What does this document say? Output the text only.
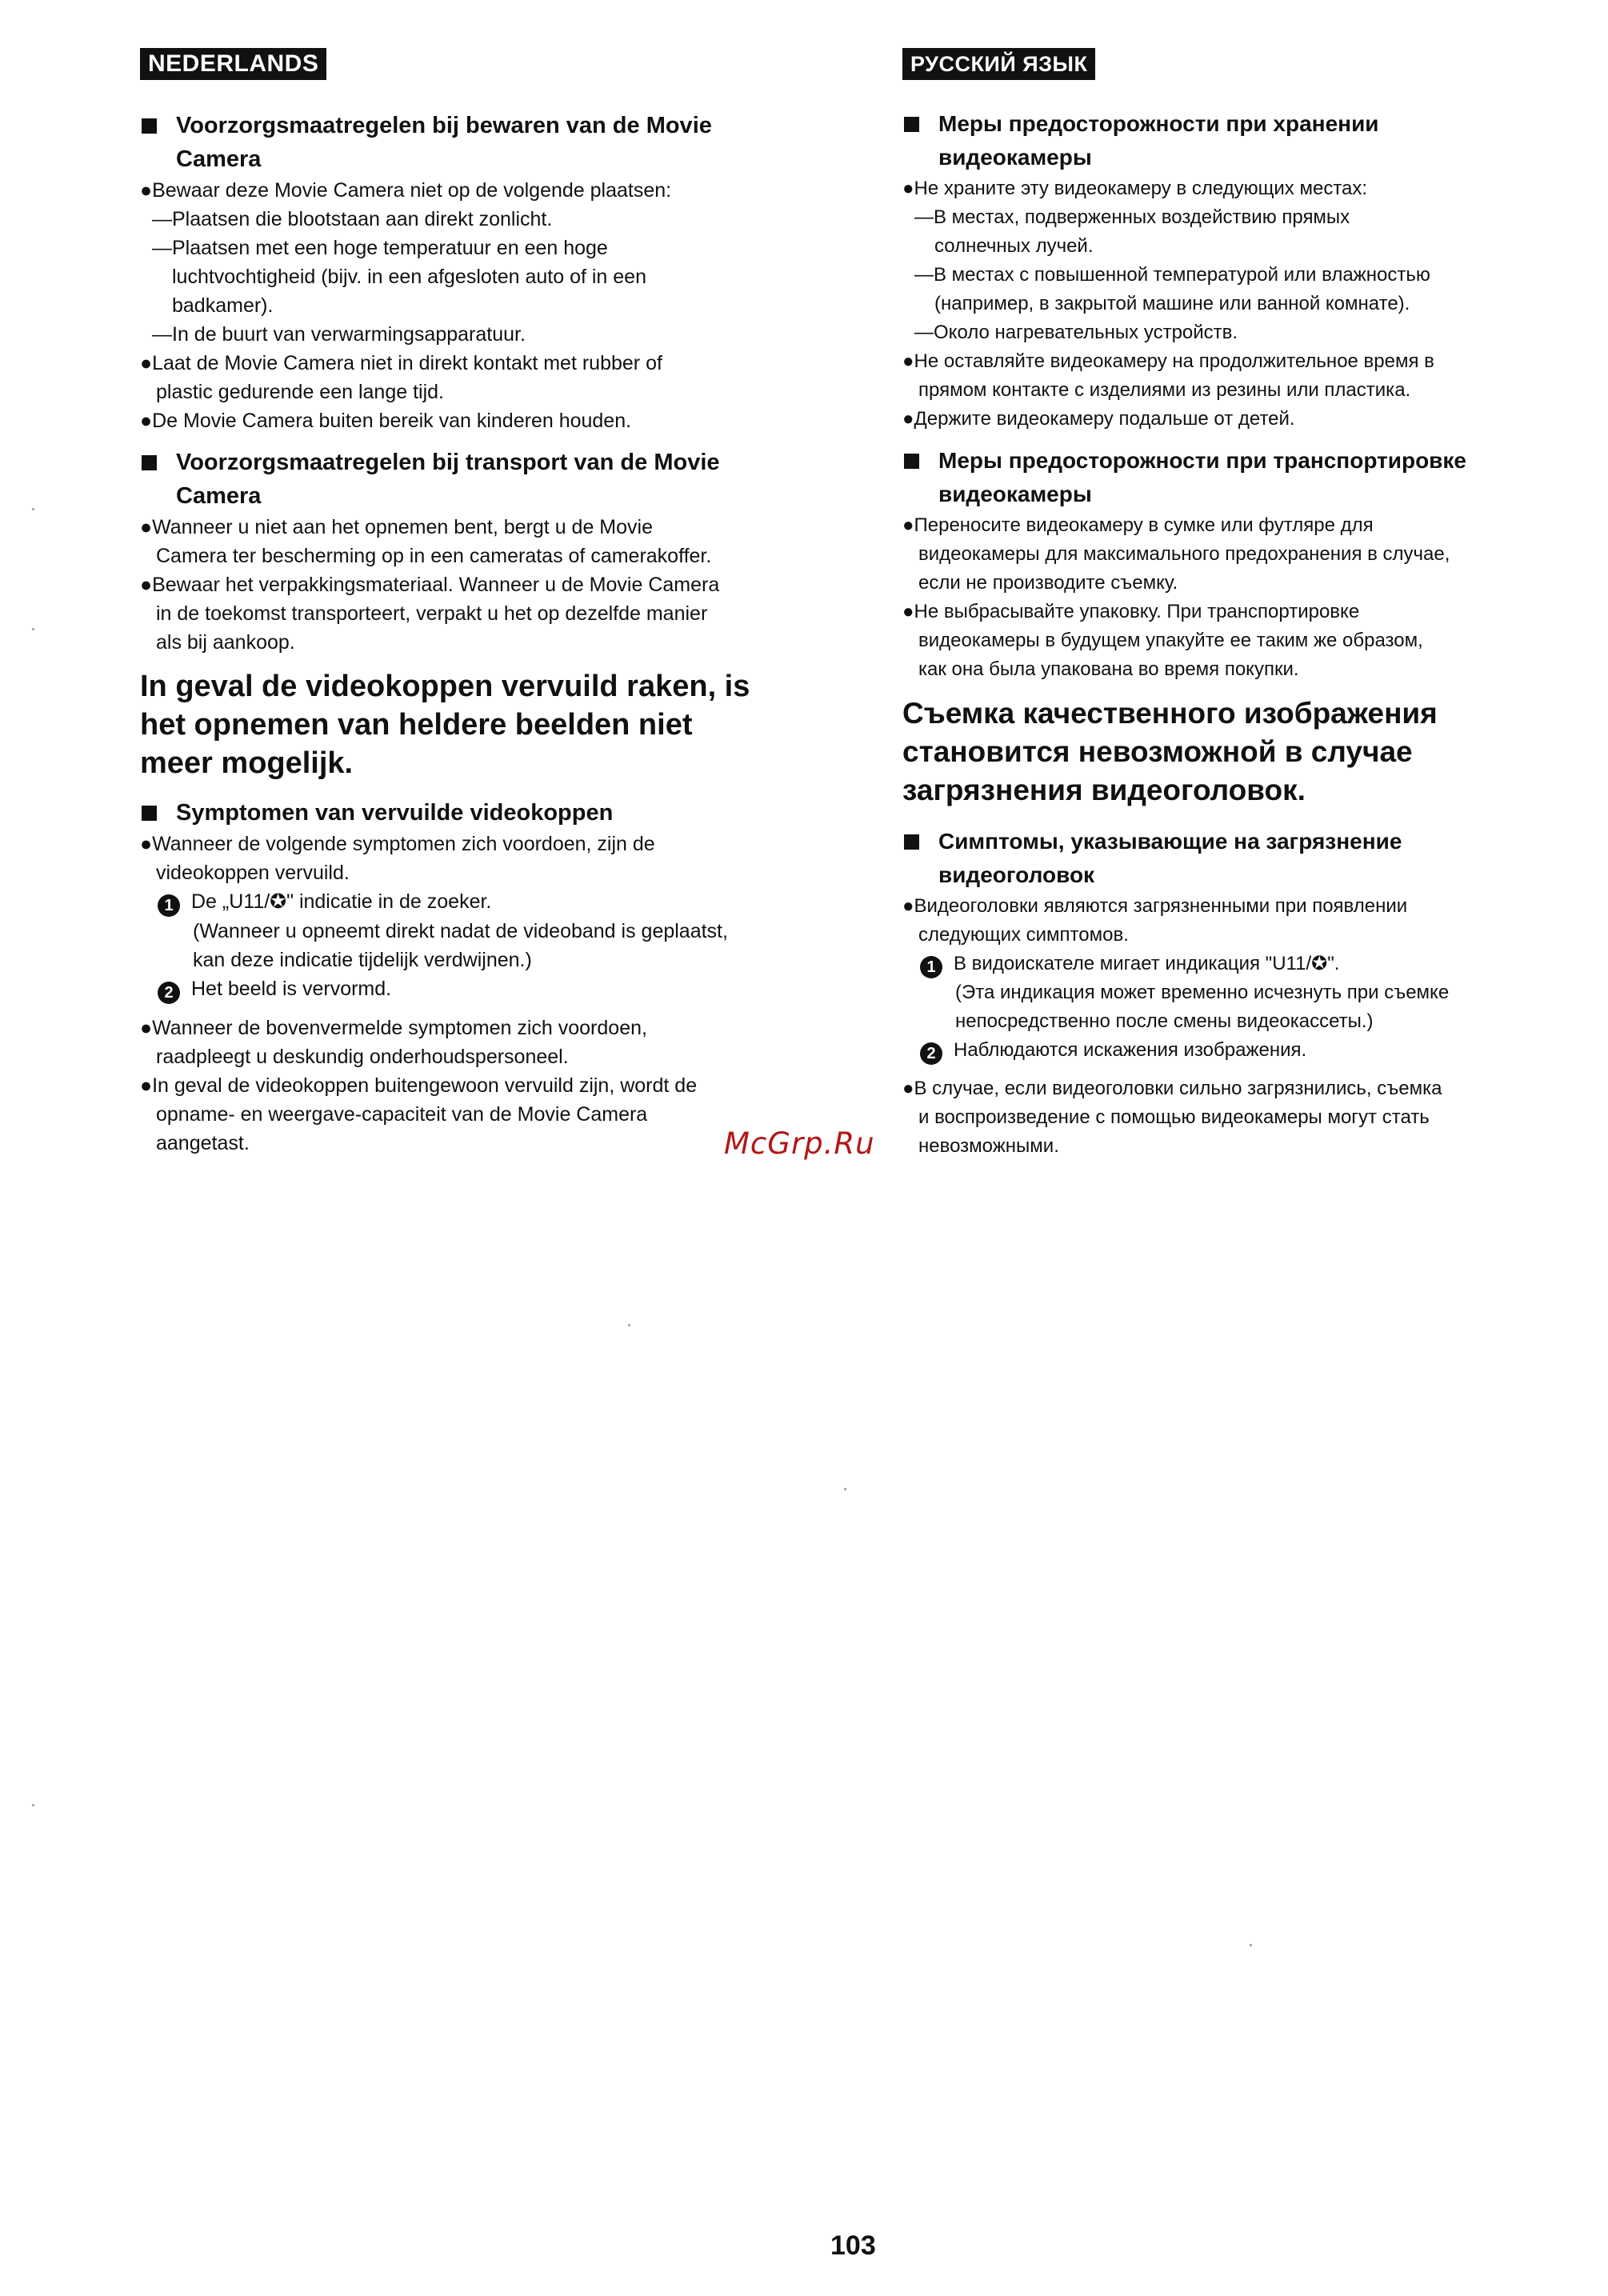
NEDERLANDS
Voorzorgsmaatregelen bij bewaren van de Movie
Camera
●Bewaar deze Movie Camera niet op de volgende plaatsen:
—Plaatsen die blootstaan aan direkt zonlicht.
—Plaatsen met een hoge temperatuur en een hoge
luchtvochtigheid (bijv. in een afgesloten auto of in een
badkamer).
—In de buurt van verwarmingsapparatuur.
●Laat de Movie Camera niet in direkt kontakt met rubber of
plastic gedurende een lange tijd.
●De Movie Camera buiten bereik van kinderen houden.
Voorzorgsmaatregelen bij transport van de Movie
Camera
●Wanneer u niet aan het opnemen bent, bergt u de Movie
Camera ter bescherming op in een cameratas of camerakoffer.
●Bewaar het verpakkingsmateriaal. Wanneer u de Movie Camera
in de toekomst transporteert, verpakt u het op dezelfde manier
als bij aankoop.
In geval de videokoppen vervuild raken, is
het opnemen van heldere beelden niet
meer mogelijk.
Symptomen van vervuilde videokoppen
●Wanneer de volgende symptomen zich voordoen, zijn de
videokoppen vervuild.
1 De „U11/✪" indicatie in de zoeker.
(Wanneer u opneemt direkt nadat de videoband is geplaatst,
kan deze indicatie tijdelijk verdwijnen.)
2 Het beeld is vervormd.
●Wanneer de bovenvermelde symptomen zich voordoen,
raadpleegt u deskundig onderhoudspersoneel.
●In geval de videokoppen buitengewoon vervuild zijn, wordt de
opname- en weergave-capaciteit van de Movie Camera
aangetast.
РУССКИЙ ЯЗЫК
Меры предосторожности при хранении
видеокамеры
●Не храните эту видеокамеру в следующих местах:
—В местах, подверженных воздействию прямых
солнечных лучей.
—В местах с повышенной температурой или влажностью
(например, в закрытой машине или ванной комнате).
—Около нагревательных устройств.
●Не оставляйте видеокамеру на продолжительное время в
прямом контакте с изделиями из резины или пластика.
●Держите видеокамеру подальше от детей.
Меры предосторожности при транспортировке
видеокамеры
●Переносите видеокамеру в сумке или футляре для
видеокамеры для максимального предохранения в случае,
если не производите съемку.
●Не выбрасывайте упаковку. При транспортировке
видеокамеры в будущем упакуйте ее таким же образом,
как она была упакована во время покупки.
Съемка качественного изображения
становится невозможной в случае
загрязнения видеоголовок.
Симптомы, указывающие на загрязнение
видеоголовок
●Видеоголовки являются загрязненными при появлении
следующих симптомов.
1 В видоискателе мигает индикация "U11/✪".
(Эта индикация может временно исчезнуть при съемке
непосредственно после смены видеокассеты.)
2 Наблюдаются искажения изображения.
●В случае, если видеоголовки сильно загрязнились, съемка
и воспроизведение с помощью видеокамеры могут стать
невозможными.
McGrp.Ru
103
